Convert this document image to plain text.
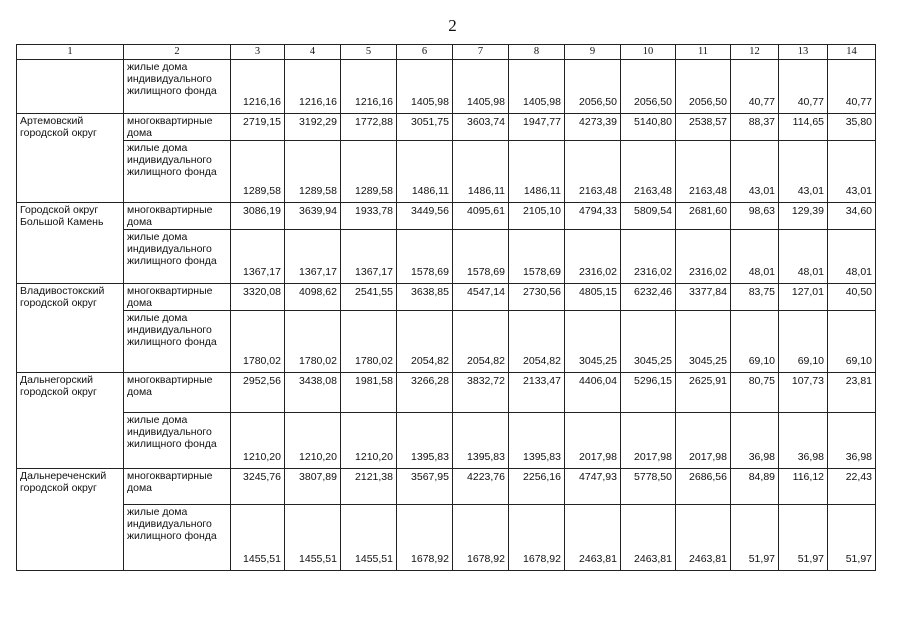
2
1	2	3	4	5	6	7	8	9	10	11	12	13	14
	жилые дома индивидуального жилищного фонда	1216,16	1216,16	1216,16	1405,98	1405,98	1405,98	2056,50	2056,50	2056,50	40,77	40,77	40,77
Артемовский городской округ	многоквартирные дома	2719,15	3192,29	1772,88	3051,75	3603,74	1947,77	4273,39	5140,80	2538,57	88,37	114,65	35,80
	жилые дома индивидуального жилищного фонда	1289,58	1289,58	1289,58	1486,11	1486,11	1486,11	2163,48	2163,48	2163,48	43,01	43,01	43,01
Городской округ Большой Камень	многоквартирные дома	3086,19	3639,94	1933,78	3449,56	4095,61	2105,10	4794,33	5809,54	2681,60	98,63	129,39	34,60
	жилые дома индивидуального жилищного фонда	1367,17	1367,17	1367,17	1578,69	1578,69	1578,69	2316,02	2316,02	2316,02	48,01	48,01	48,01
Владивостокский городской округ	многоквартирные дома	3320,08	4098,62	2541,55	3638,85	4547,14	2730,56	4805,15	6232,46	3377,84	83,75	127,01	40,50
	жилые дома индивидуального жилищного фонда	1780,02	1780,02	1780,02	2054,82	2054,82	2054,82	3045,25	3045,25	3045,25	69,10	69,10	69,10
Дальнегорский городской округ	многоквартирные дома	2952,56	3438,08	1981,58	3266,28	3832,72	2133,47	4406,04	5296,15	2625,91	80,75	107,73	23,81
	жилые дома индивидуального жилищного фонда	1210,20	1210,20	1210,20	1395,83	1395,83	1395,83	2017,98	2017,98	2017,98	36,98	36,98	36,98
Дальнереченский городской округ	многоквартирные дома	3245,76	3807,89	2121,38	3567,95	4223,76	2256,16	4747,93	5778,50	2686,56	84,89	116,12	22,43
	жилые дома индивидуального жилищного фонда	1455,51	1455,51	1455,51	1678,92	1678,92	1678,92	2463,81	2463,81	2463,81	51,97	51,97	51,97
